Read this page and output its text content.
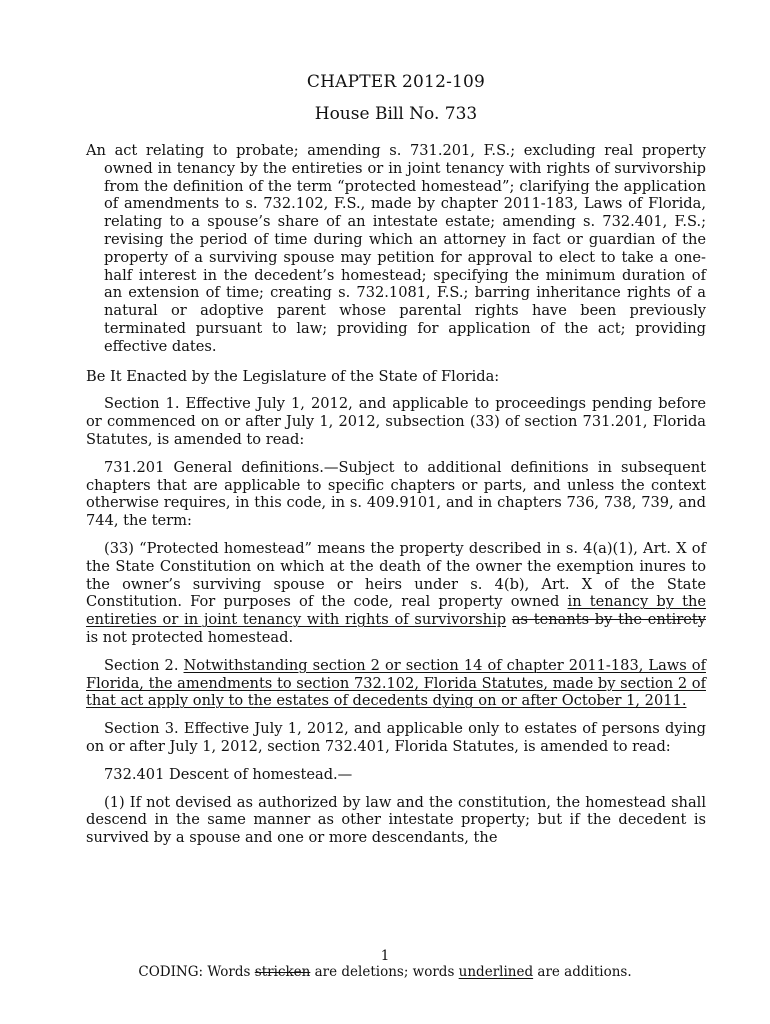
CHAPTER 2012-109
House Bill No. 733

An act relating to probate; amending s. 731.201, F.S.; excluding real property owned in tenancy by the entireties or in joint tenancy with rights of survivorship from the definition of the term “protected homestead”; clarifying the application of amendments to s. 732.102, F.S., made by chapter 2011-183, Laws of Florida, relating to a spouse’s share of an intestate estate; amending s. 732.401, F.S.; revising the period of time during which an attorney in fact or guardian of the property of a surviving spouse may petition for approval to elect to take a one-half interest in the decedent’s homestead; specifying the minimum duration of an extension of time; creating s. 732.1081, F.S.; barring inheritance rights of a natural or adoptive parent whose parental rights have been previously terminated pursuant to law; providing for application of the act; providing effective dates.

Be It Enacted by the Legislature of the State of Florida:

Section 1. Effective July 1, 2012, and applicable to proceedings pending before or commenced on or after July 1, 2012, subsection (33) of section 731.201, Florida Statutes, is amended to read:

731.201 General definitions.—Subject to additional definitions in subsequent chapters that are applicable to specific chapters or parts, and unless the context otherwise requires, in this code, in s. 409.9101, and in chapters 736, 738, 739, and 744, the term:

(33) “Protected homestead” means the property described in s. 4(a)(1), Art. X of the State Constitution on which at the death of the owner the exemption inures to the owner’s surviving spouse or heirs under s. 4(b), Art. X of the State Constitution. For purposes of the code, real property owned in tenancy by the entireties or in joint tenancy with rights of survivorship as tenants by the entirety is not protected homestead.

Section 2. Notwithstanding section 2 or section 14 of chapter 2011-183, Laws of Florida, the amendments to section 732.102, Florida Statutes, made by section 2 of that act apply only to the estates of decedents dying on or after October 1, 2011.

Section 3. Effective July 1, 2012, and applicable only to estates of persons dying on or after July 1, 2012, section 732.401, Florida Statutes, is amended to read:

732.401 Descent of homestead.—

(1) If not devised as authorized by law and the constitution, the homestead shall descend in the same manner as other intestate property; but if the decedent is survived by a spouse and one or more descendants, the

1
CODING: Words stricken are deletions; words underlined are additions.
